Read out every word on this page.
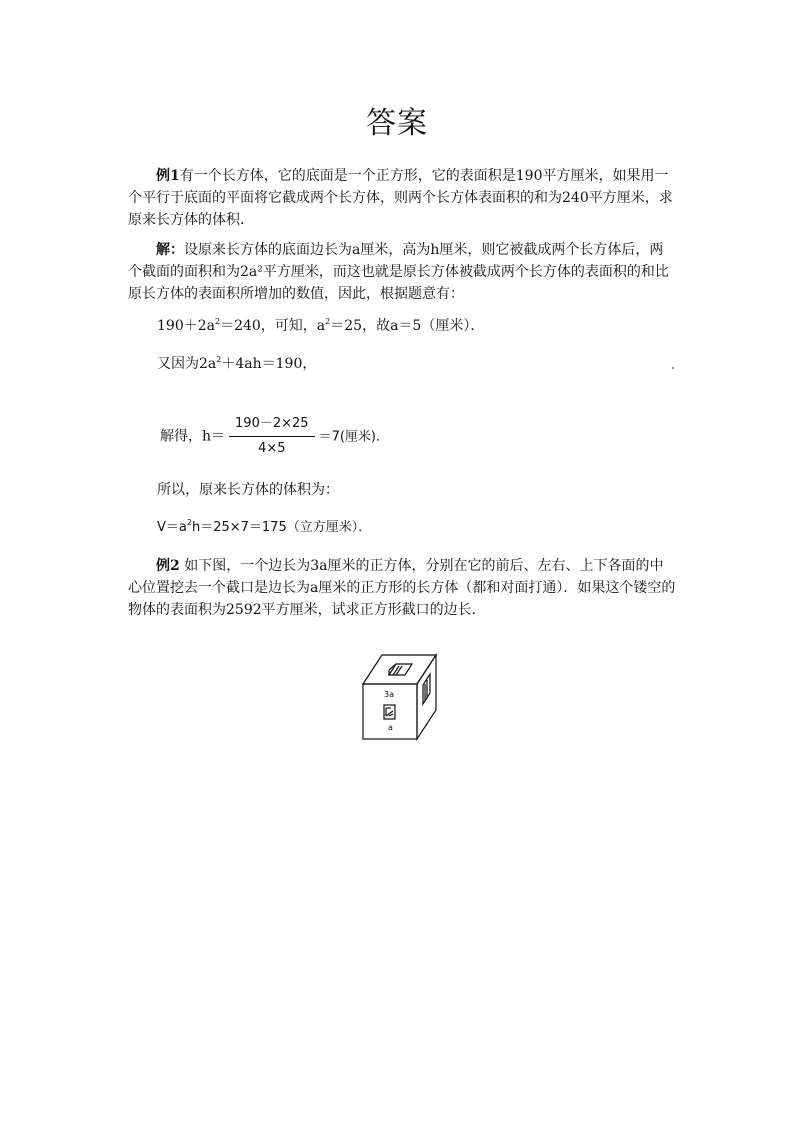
答案
例1有一个长方体，它的底面是一个正方形，它的表面积是190平方厘米，如果用一个平行于底面的平面将它截成两个长方体，则两个长方体表面积的和为240平方厘米，求原来长方体的体积．
解：设原来长方体的底面边长为a厘米，高为h厘米，则它被截成两个长方体后，两个截面的面积和为2a²平方厘米，而这也就是原长方体被截成两个长方体的表面积的和比原长方体的表面积所增加的数值，因此，根据题意有：
$190+2a^2=240$，可知，$a^2=25$，故a＝5（厘米）．
又因为$2a^2+4ah=190$，
解得，$h= \frac{190-2\times 25}{4\times 5} =7$(厘米)．
所以，原来长方体的体积为：
$V=a^2h=25\times 7=175$（立方厘米）．
例2 如下图，一个边长为3a厘米的正方体，分别在它的前后、左右、上下各面的中心位置挖去一个截口是边长为a厘米的正方形的长方体（都和对面打通）．如果这个镂空的物体的表面积为2592平方厘米，试求正方形截口的边长．
3a
a
